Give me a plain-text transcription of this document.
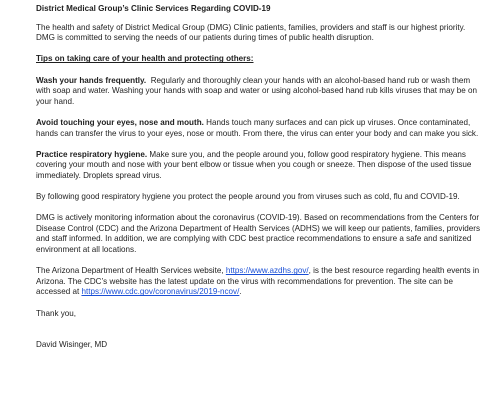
District Medical Group’s Clinic Services Regarding COVID-19
The health and safety of District Medical Group (DMG) Clinic patients, families, providers and staff is our highest priority. DMG is committed to serving the needs of our patients during times of public health disruption.
Tips on taking care of your health and protecting others:
Wash your hands frequently. Regularly and thoroughly clean your hands with an alcohol-based hand rub or wash them with soap and water. Washing your hands with soap and water or using alcohol-based hand rub kills viruses that may be on your hand.
Avoid touching your eyes, nose and mouth. Hands touch many surfaces and can pick up viruses. Once contaminated, hands can transfer the virus to your eyes, nose or mouth. From there, the virus can enter your body and can make you sick.
Practice respiratory hygiene. Make sure you, and the people around you, follow good respiratory hygiene. This means covering your mouth and nose with your bent elbow or tissue when you cough or sneeze. Then dispose of the used tissue immediately. Droplets spread virus.
By following good respiratory hygiene you protect the people around you from viruses such as cold, flu and COVID-19.
DMG is actively monitoring information about the coronavirus (COVID-19). Based on recommendations from the Centers for Disease Control (CDC) and the Arizona Department of Health Services (ADHS) we will keep our patients, families, providers and staff informed. In addition, we are complying with CDC best practice recommendations to ensure a safe and sanitized environment at all locations.
The Arizona Department of Health Services website, https://www.azdhs.gov/, is the best resource regarding health events in Arizona. The CDC’s website has the latest update on the virus with recommendations for prevention. The site can be accessed at https://www.cdc.gov/coronavirus/2019-ncov/.
Thank you,
David Wisinger, MD
